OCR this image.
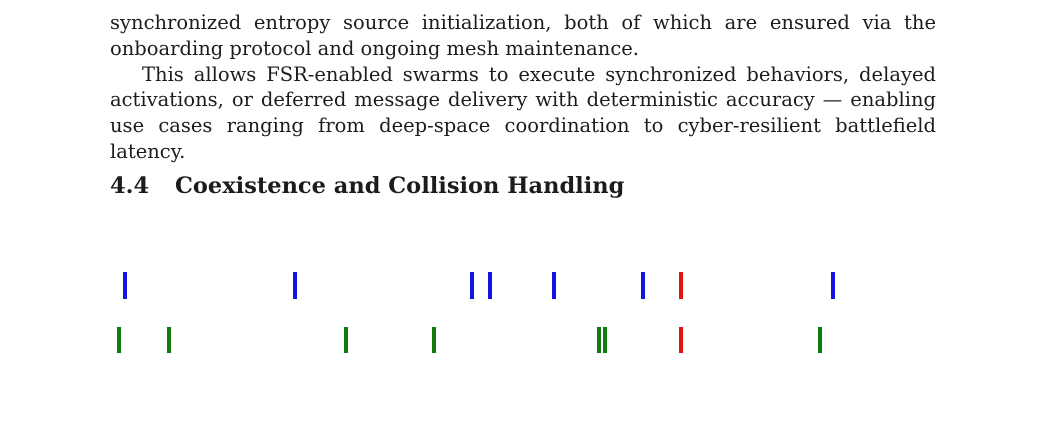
synchronized entropy source initialization, both of which are ensured via the onboarding protocol and ongoing mesh maintenance.

This allows FSR-enabled swarms to execute synchronized behaviors, delayed activations, or deferred message delivery with deterministic accuracy — enabling use cases ranging from deep-space coordination to cyber-resilient battlefield latency.

4.4 Coexistence and Collision Handling
